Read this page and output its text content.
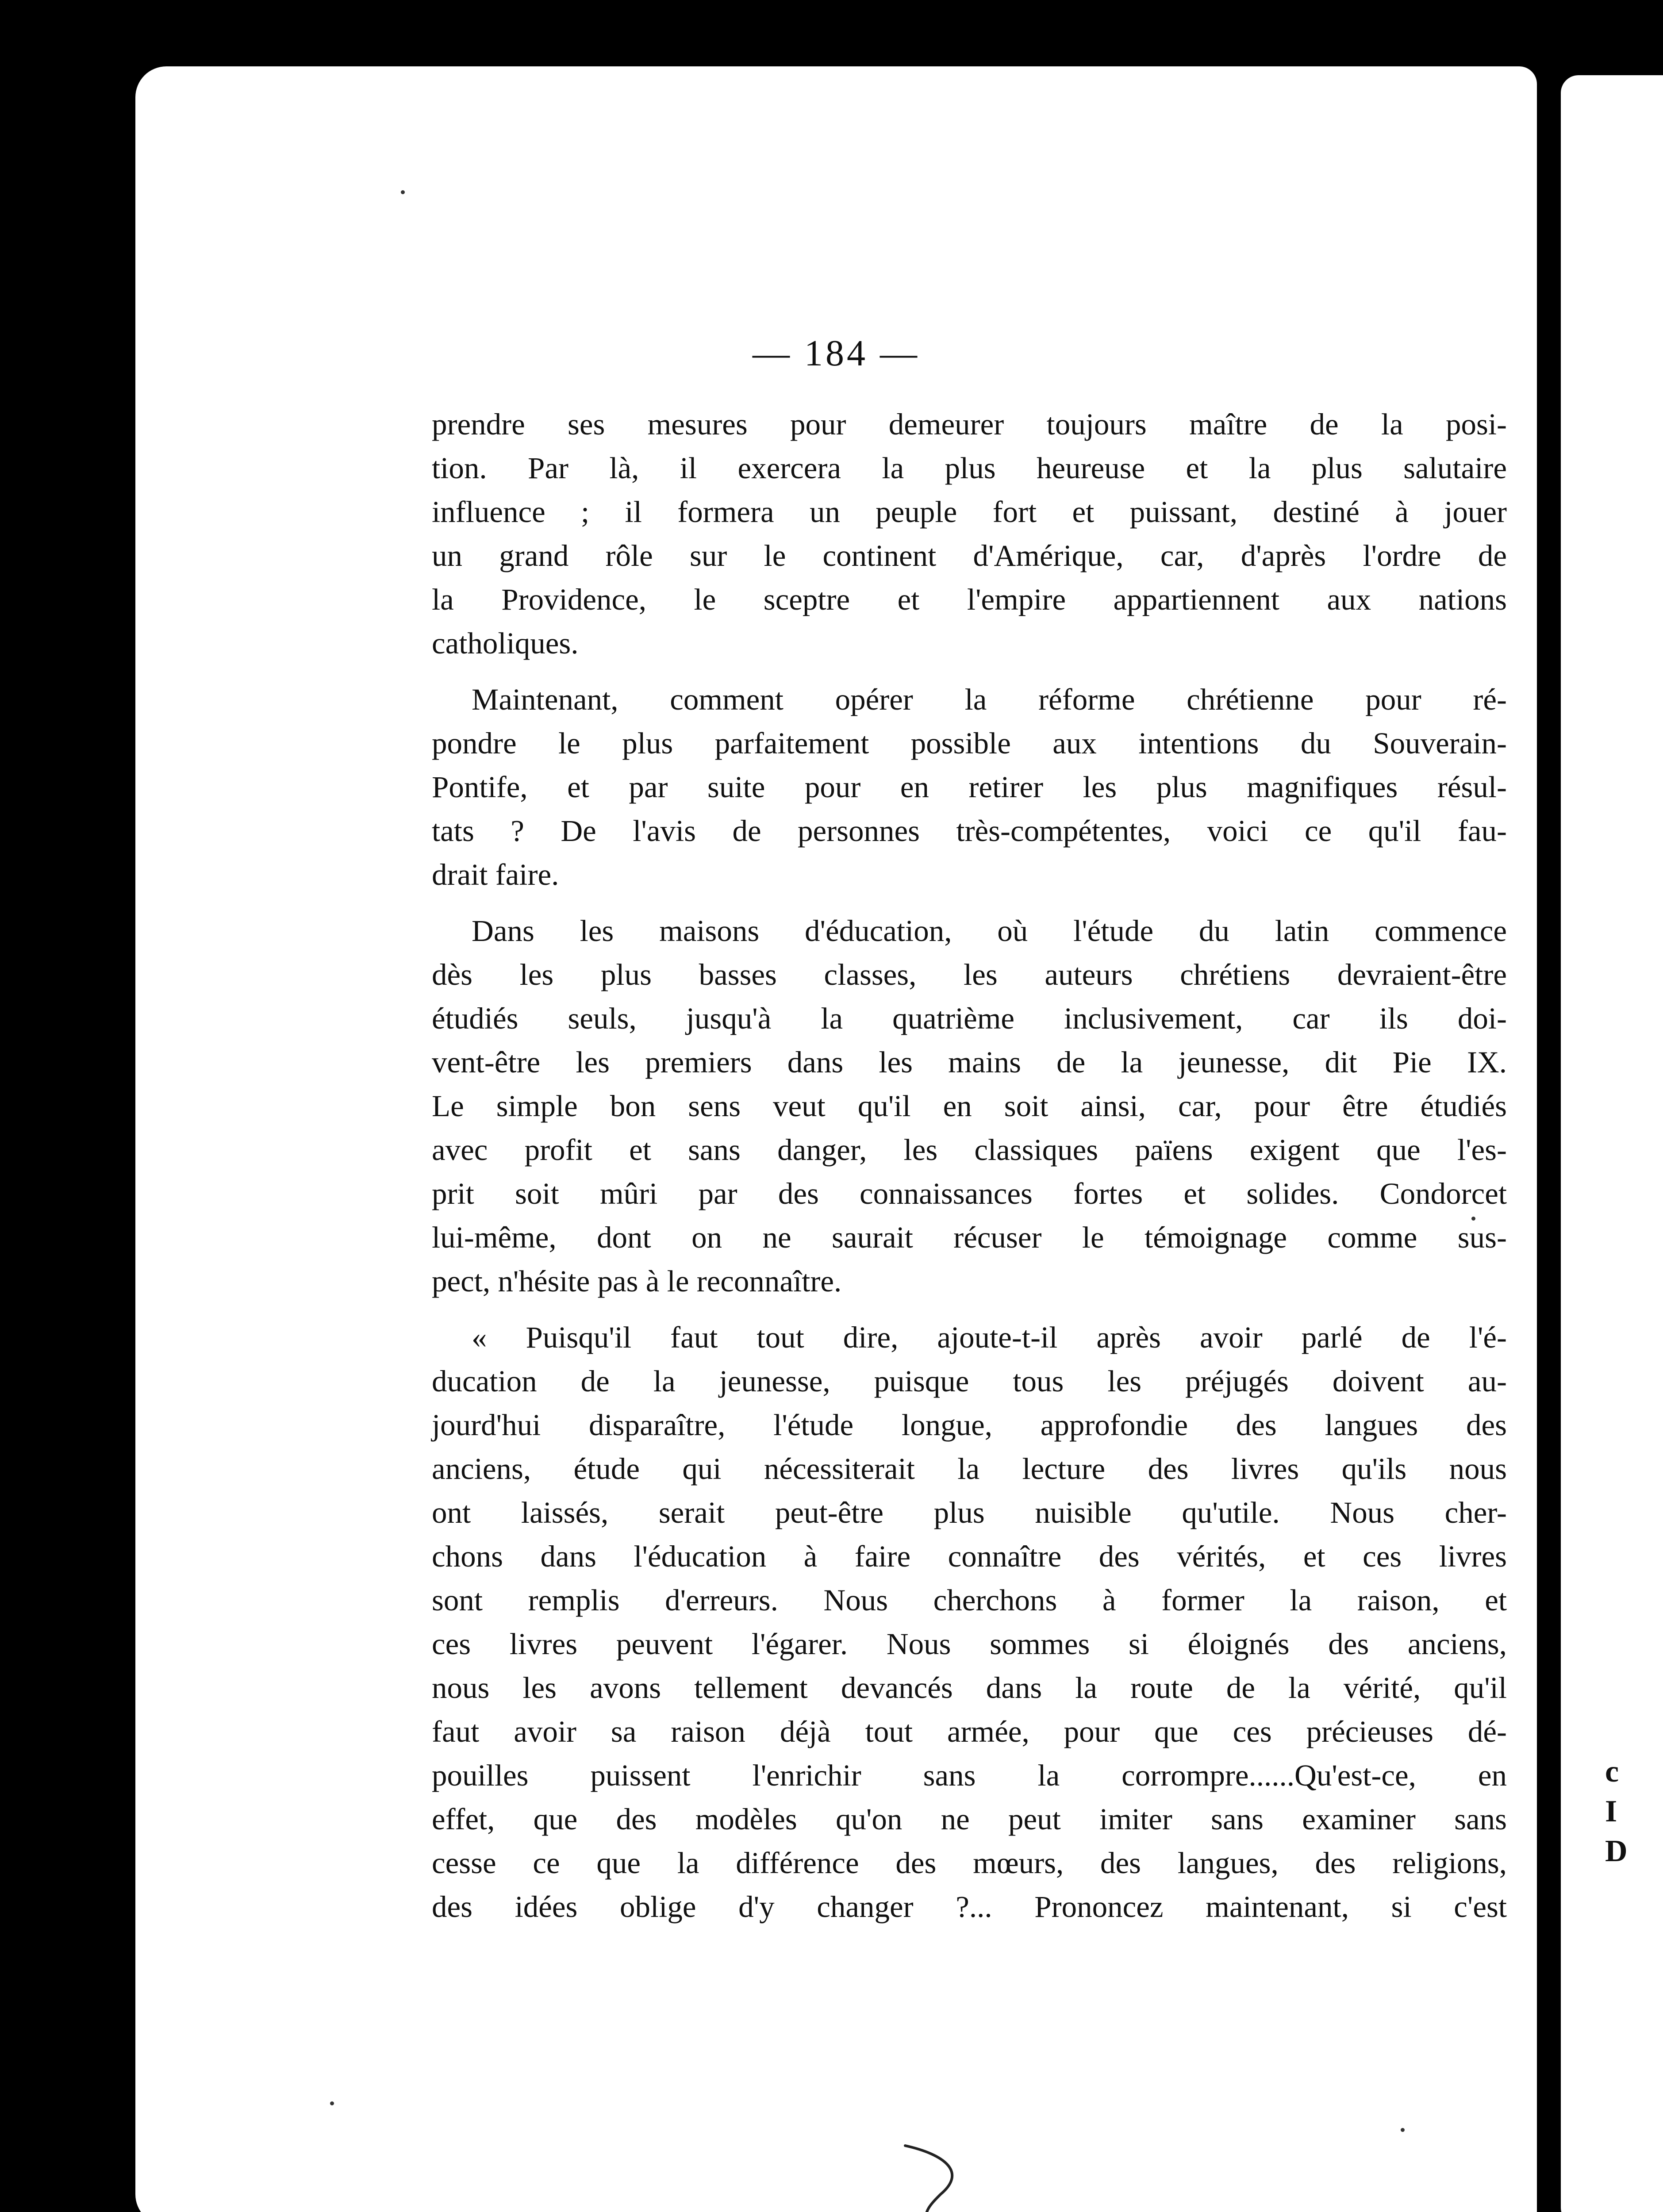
c
I
D
— 184 —
prendre ses mesures pour demeurer toujours maître de la posi-
tion. Par là, il exercera la plus heureuse et la plus salutaire
influence ; il formera un peuple fort et puissant, destiné à jouer
un grand rôle sur le continent d'Amérique, car, d'après l'ordre de
la Providence, le sceptre et l'empire appartiennent aux nations
catholiques.
Maintenant, comment opérer la réforme chrétienne pour ré-
pondre le plus parfaitement possible aux intentions du Souverain-
Pontife, et par suite pour en retirer les plus magnifiques résul-
tats ? De l'avis de personnes très-compétentes, voici ce qu'il fau-
drait faire.
Dans les maisons d'éducation, où l'étude du latin commence
dès les plus basses classes, les auteurs chrétiens devraient-être
étudiés seuls, jusqu'à la quatrième inclusivement, car ils doi-
vent-être les premiers dans les mains de la jeunesse, dit Pie IX.
Le simple bon sens veut qu'il en soit ainsi, car, pour être étudiés
avec profit et sans danger, les classiques païens exigent que l'es-
prit soit mûri par des connaissances fortes et solides. Condorcet
lui-même, dont on ne saurait récuser le témoignage comme sus-
pect, n'hésite pas à le reconnaître.
« Puisqu'il faut tout dire, ajoute-t-il après avoir parlé de l'é-
ducation de la jeunesse, puisque tous les préjugés doivent au-
jourd'hui disparaître, l'étude longue, approfondie des langues des
anciens, étude qui nécessiterait la lecture des livres qu'ils nous
ont laissés, serait peut-être plus nuisible qu'utile. Nous cher-
chons dans l'éducation à faire connaître des vérités, et ces livres
sont remplis d'erreurs. Nous cherchons à former la raison, et
ces livres peuvent l'égarer. Nous sommes si éloignés des anciens,
nous les avons tellement devancés dans la route de la vérité, qu'il
faut avoir sa raison déjà tout armée, pour que ces précieuses dé-
pouilles puissent l'enrichir sans la corrompre......Qu'est-ce, en
effet, que des modèles qu'on ne peut imiter sans examiner sans
cesse ce que la différence des mœurs, des langues, des religions,
des idées oblige d'y changer ?... Prononcez maintenant, si c'est
